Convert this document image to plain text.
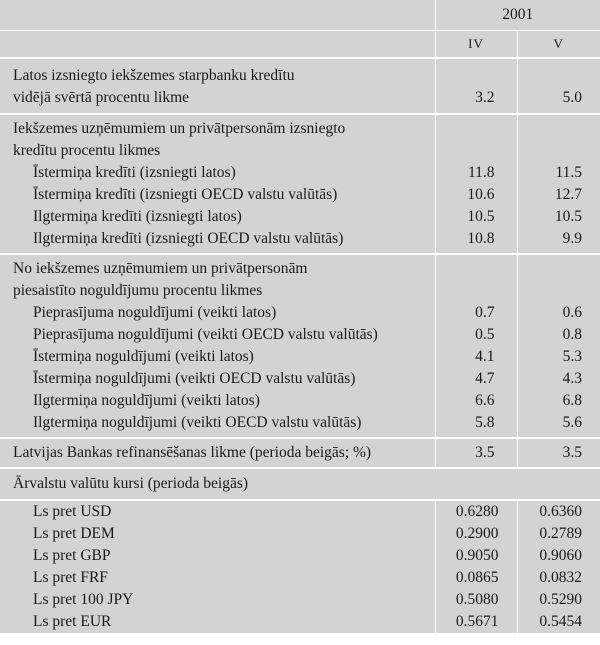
	2001	
	IV	V
Latos izsniegto iekšzemes starpbanku kredītu		
vidējā svērtā procentu likme	3.2	5.0
Iekšzemes uzņēmumiem un privātpersonām izsniegto		
kredītu procentu likmes		
Īstermiņa kredīti (izsniegti latos)	11.8	11.5
Īstermiņa kredīti (izsniegti OECD valstu valūtās)	10.6	12.7
Ilgtermiņa kredīti (izsniegti latos)	10.5	10.5
Ilgtermiņa kredīti (izsniegti OECD valstu valūtās)	10.8	9.9
No iekšzemes uzņēmumiem un privātpersonām		
piesaistīto noguldījumu procentu likmes		
Pieprasījuma noguldījumi (veikti latos)	0.7	0.6
Pieprasījuma noguldījumi (veikti OECD valstu valūtās)	0.5	0.8
Īstermiņa noguldījumi (veikti latos)	4.1	5.3
Īstermiņa noguldījumi (veikti OECD valstu valūtās)	4.7	4.3
Ilgtermiņa noguldījumi (veikti latos)	6.6	6.8
Ilgtermiņa noguldījumi (veikti OECD valstu valūtās)	5.8	5.6
Latvijas Bankas refinansēšanas likme (perioda beigās; %)	3.5	3.5
Ārvalstu valūtu kursi (perioda beigās)		
Ls pret USD	0.6280	0.6360
Ls pret DEM	0.2900	0.2789
Ls pret GBP	0.9050	0.9060
Ls pret FRF	0.0865	0.0832
Ls pret 100 JPY	0.5080	0.5290
Ls pret EUR	0.5671	0.5454
